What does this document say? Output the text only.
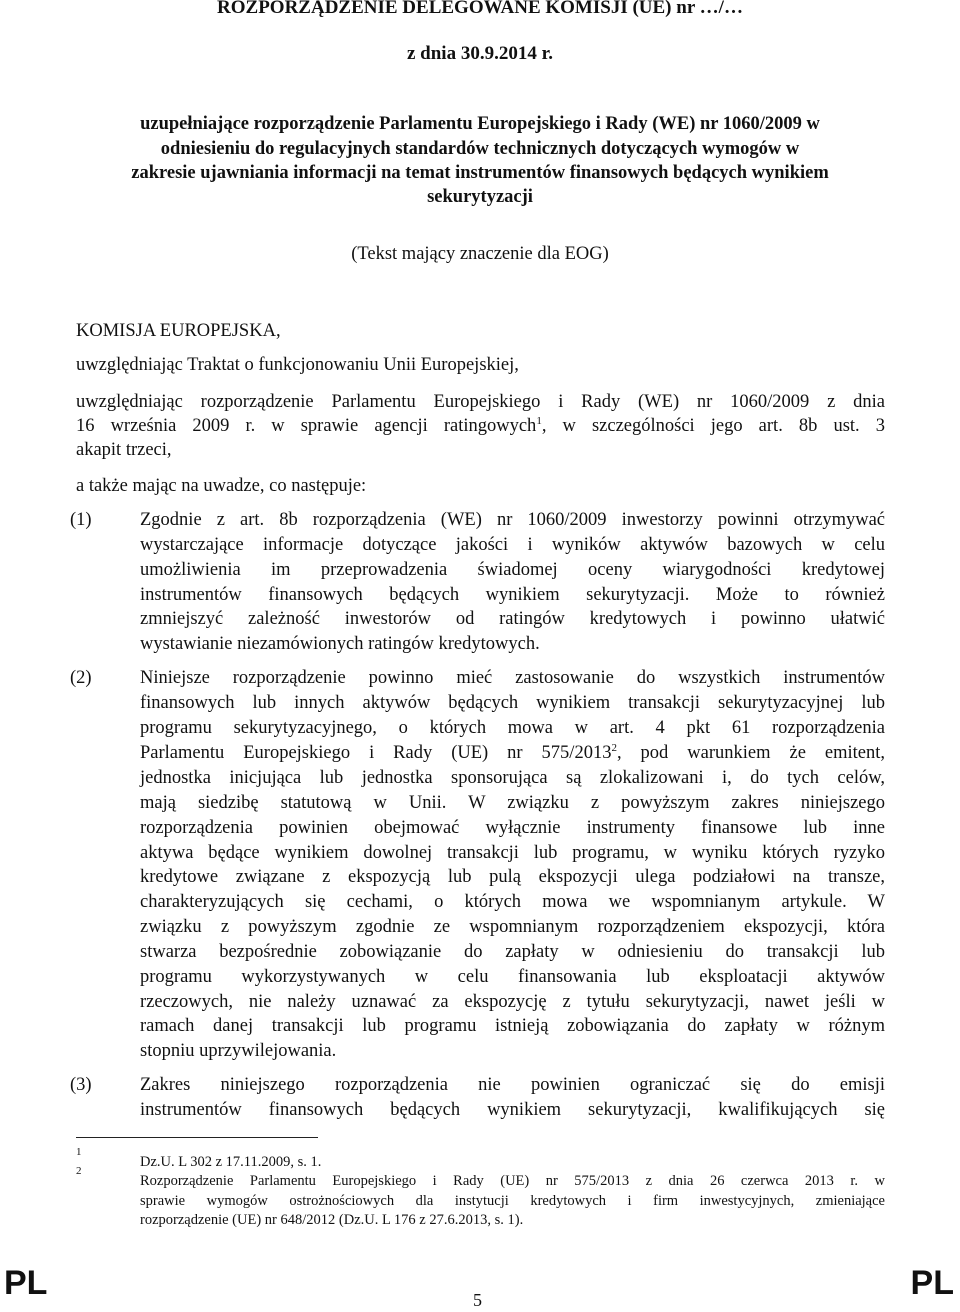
ROZPORZĄDZENIE DELEGOWANE KOMISJI (UE) nr …/…
z dnia 30.9.2014 r.
uzupełniające rozporządzenie Parlamentu Europejskiego i Rady (WE) nr 1060/2009 w
odniesieniu do regulacyjnych standardów technicznych dotyczących wymogów w
zakresie ujawniania informacji na temat instrumentów finansowych będących wynikiem
sekurytyzacji
(Tekst mający znaczenie dla EOG)
KOMISJA EUROPEJSKA,
uwzględniając Traktat o funkcjonowaniu Unii Europejskiej,
uwzględniając rozporządzenie Parlamentu Europejskiego i Rady (WE) nr 1060/2009 z dnia
16 września 2009 r. w sprawie agencji ratingowych$^1$, w szczególności jego art. 8b ust. 3
akapit trzeci,
a także mając na uwadze, co następuje:
(1)	Zgodnie z art. 8b rozporządzenia (WE) nr 1060/2009 inwestorzy powinni otrzymywać
wystarczające informacje dotyczące jakości i wyników aktywów bazowych w celu
umożliwienia im przeprowadzenia świadomej oceny wiarygodności kredytowej
instrumentów finansowych będących wynikiem sekurytyzacji. Może to również
zmniejszyć zależność inwestorów od ratingów kredytowych i powinno ułatwić
wystawianie niezamówionych ratingów kredytowych.
(2)	Niniejsze rozporządzenie powinno mieć zastosowanie do wszystkich instrumentów
finansowych lub innych aktywów będących wynikiem transakcji sekurytyzacyjnej lub
programu sekurytyzacyjnego, o których mowa w art. 4 pkt 61 rozporządzenia
Parlamentu Europejskiego i Rady (UE) nr 575/2013$^2$, pod warunkiem że emitent,
jednostka inicjująca lub jednostka sponsorująca są zlokalizowani i, do tych celów,
mają siedzibę statutową w Unii. W związku z powyższym zakres niniejszego
rozporządzenia powinien obejmować wyłącznie instrumenty finansowe lub inne
aktywa będące wynikiem dowolnej transakcji lub programu, w wyniku których ryzyko
kredytowe związane z ekspozycją lub pulą ekspozycji ulega podziałowi na transze,
charakteryzujących się cechami, o których mowa we wspomnianym artykule. W
związku z powyższym zgodnie ze wspomnianym rozporządzeniem ekspozycji, która
stwarza bezpośrednie zobowiązanie do zapłaty w odniesieniu do transakcji lub
programu wykorzystywanych w celu finansowania lub eksploatacji aktywów
rzeczowych, nie należy uznawać za ekspozycję z tytułu sekurytyzacji, nawet jeśli w
ramach danej transakcji lub programu istnieją zobowiązania do zapłaty w różnym
stopniu uprzywilejowania.
(3)	Zakres niniejszego rozporządzenia nie powinien ograniczać się do emisji
instrumentów finansowych będących wynikiem sekurytyzacji, kwalifikujących się
$^1$
Dz.U. L 302 z 17.11.2009, s. 1.
$^2$
Rozporządzenie Parlamentu Europejskiego i Rady (UE) nr 575/2013 z dnia 26 czerwca 2013 r. w
sprawie wymogów ostrożnościowych dla instytucji kredytowych i firm inwestycyjnych, zmieniające
rozporządzenie (UE) nr 648/2012 (Dz.U. L 176 z 27.6.2013, s. 1).
PL	5	PL
